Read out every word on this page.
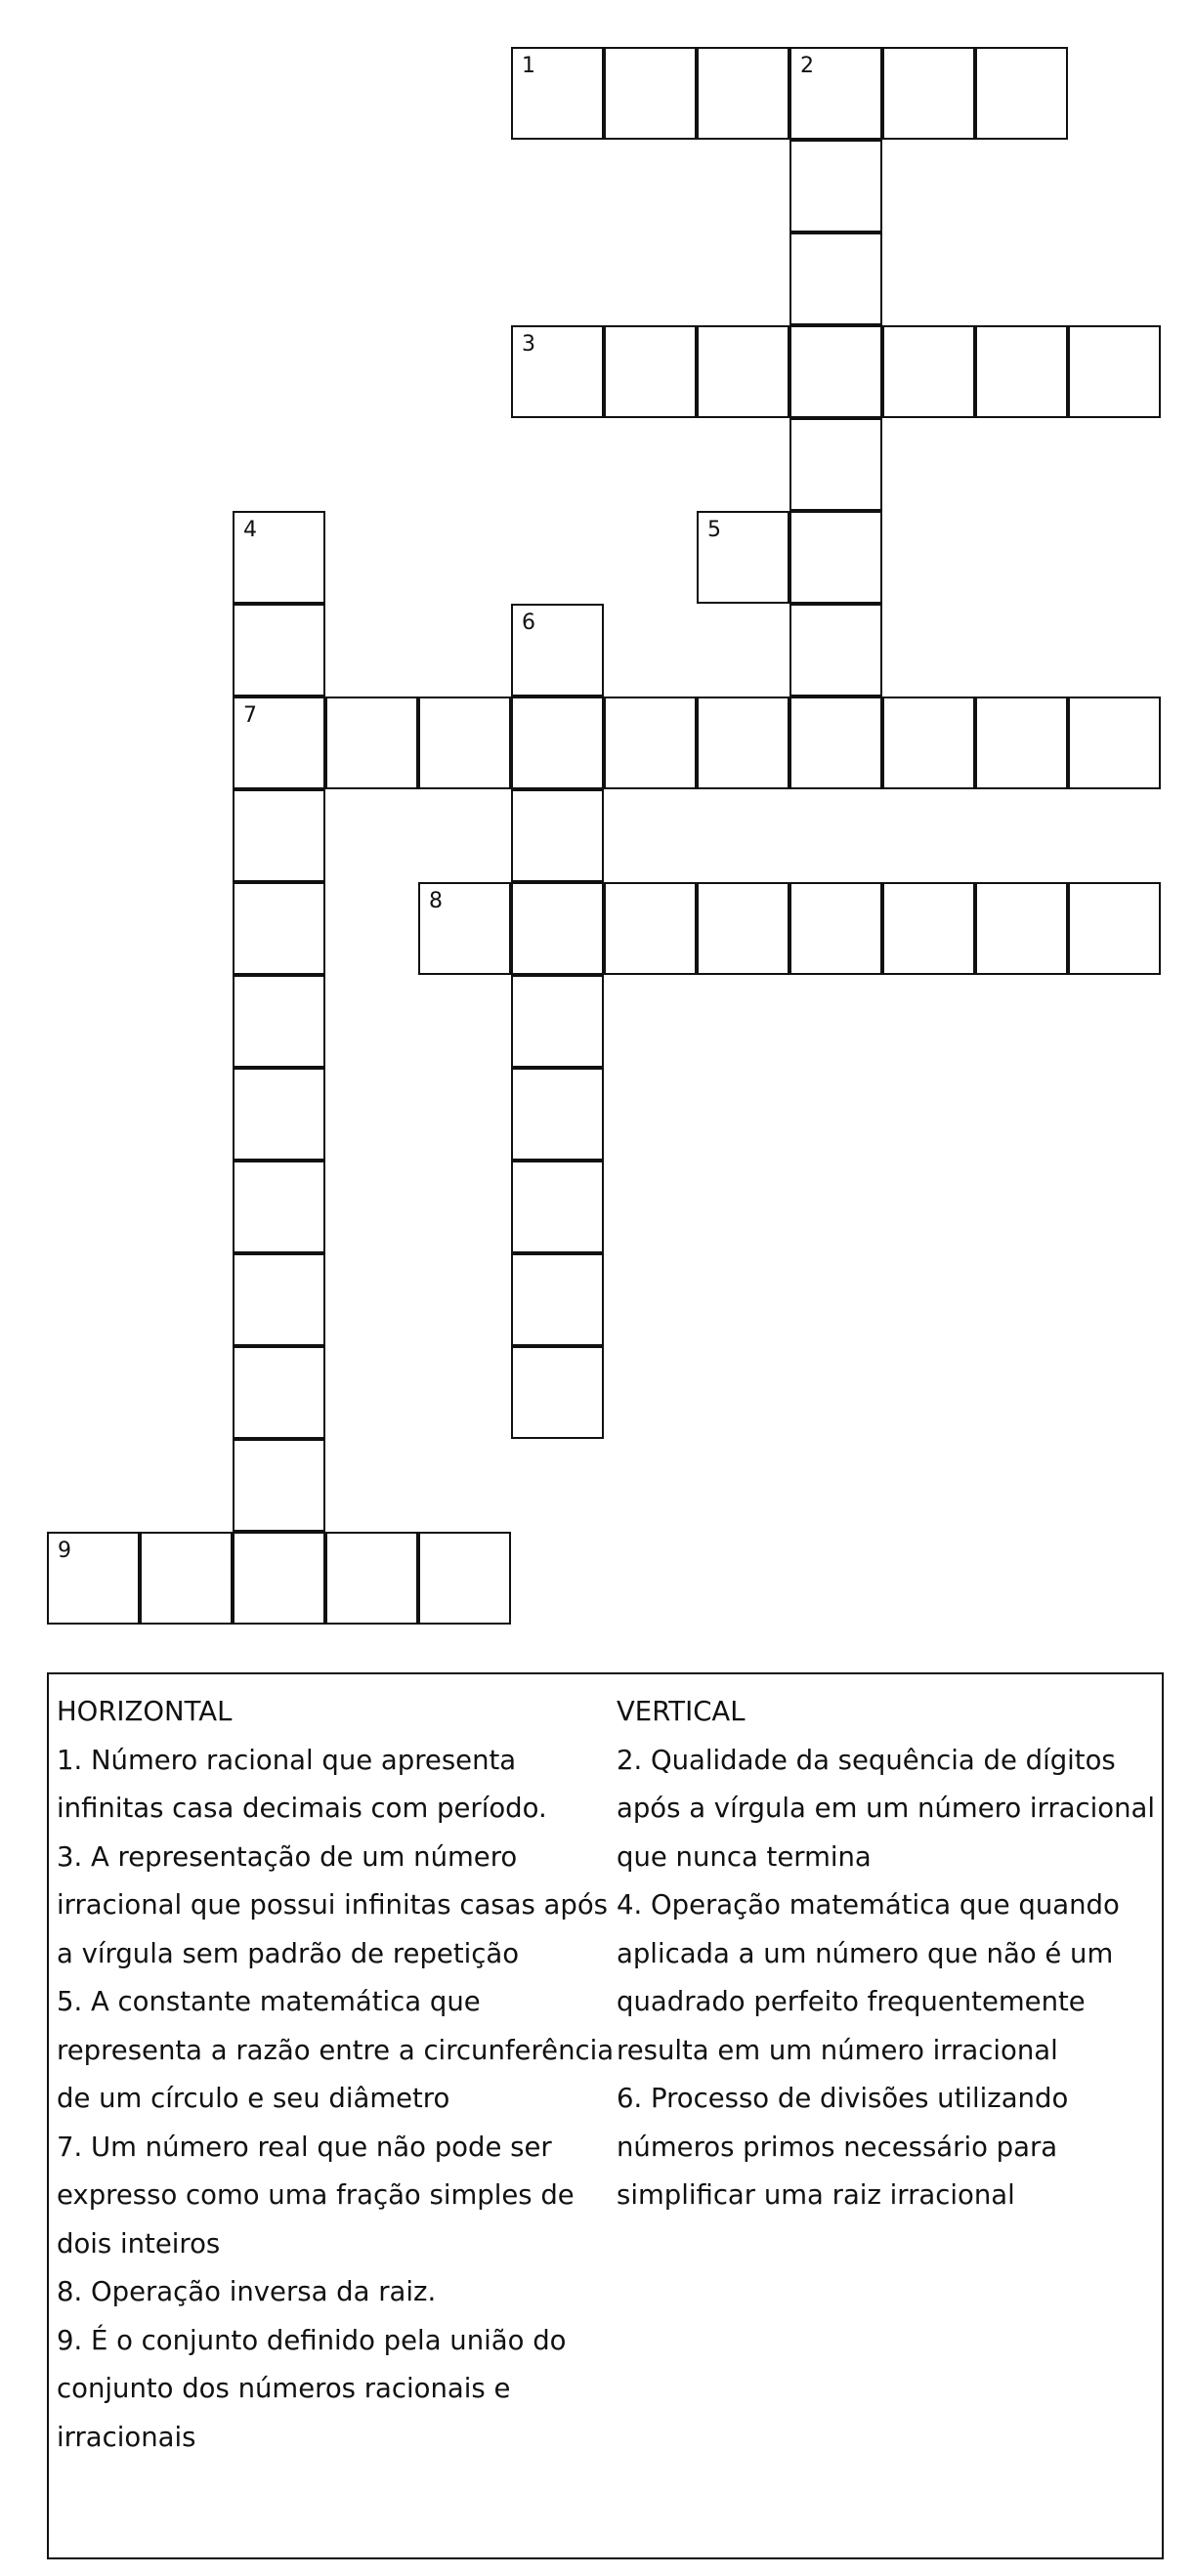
1	2
3
4
7
5
6
8
9
HORIZONTAL
1. Número racional que apresenta infinitas casa decimais com período.
3. A representação de um número irracional que possui infinitas casas após a vírgula sem padrão de repetição
5. A constante matemática que representa a razão entre a circunferência de um círculo e seu diâmetro
7. Um número real que não pode ser expresso como uma fração simples de dois inteiros
8. Operação inversa da raiz.
9. É o conjunto definido pela união do conjunto dos números racionais e irracionais
VERTICAL
2. Qualidade da sequência de dígitos após a vírgula em um número irracional que nunca termina
4. Operação matemática que quando aplicada a um número que não é um quadrado perfeito frequentemente resulta em um número irracional
6. Processo de divisões utilizando números primos necessário para simplificar uma raiz irracional
